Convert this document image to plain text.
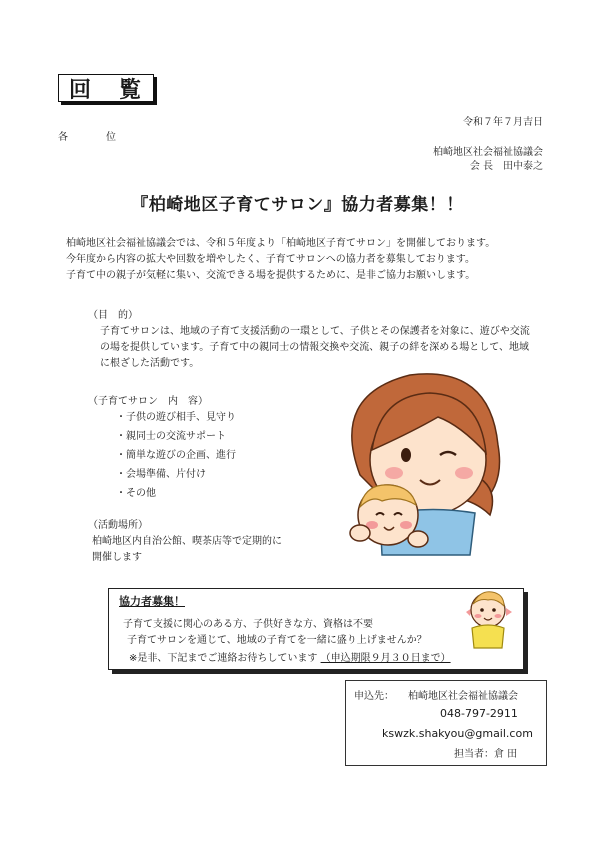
回 覧
令和７年７月吉日
各　位
柏崎地区社会福祉協議会
会 長　田中泰之
『柏崎地区子育てサロン』協力者募集！！
柏崎地区社会福祉協議会では、令和５年度より「柏崎地区子育てサロン」を開催しております。
今年度から内容の拡大や回数を増やしたく、子育てサロンへの協力者を募集しております。
子育て中の親子が気軽に集い、交流できる場を提供するために、是非ご協力お願いします。
（目　的）
子育てサロンは、地域の子育て支援活動の一環として、子供とその保護者を対象に、遊びや交流
の場を提供しています。子育て中の親同士の情報交換や交流、親子の絆を深める場として、地域
に根ざした活動です。
（子育てサロン　内　容）
・ 子供の遊び相手、見守り
・ 親同士の交流サポート
・ 簡単な遊びの企画、進行
・ 会場準備、片付け
・ その他
（活動場所）
柏崎地区内自治公館、喫茶店等で定期的に
開催します
協力者募集！
子育て支援に関心のある方、子供好きな方、資格は不要
子育てサロンを通じて、地域の子育てを一緒に盛り上げませんか？
※是非、下記までご連絡お待ちしています （申込期限９月３０日まで）
申込先： 柏崎地区社会福祉協議会
048-797-2911
kswzk.shakyou@gmail.com
担当者：倉 田
